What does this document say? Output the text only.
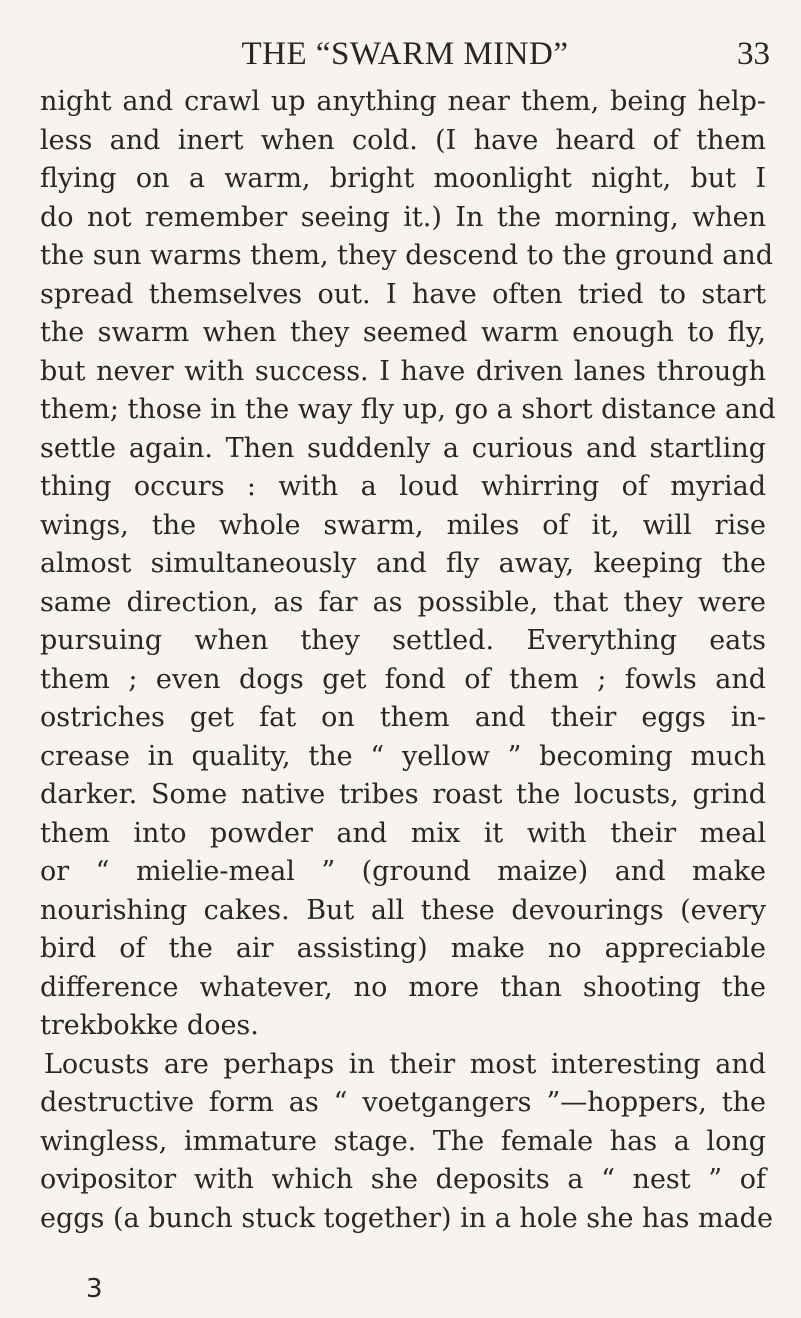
THE “SWARM MIND”	33
night and crawl up anything near them, being help-
less and inert when cold. (I have heard of them
flying on a warm, bright moonlight night, but I
do not remember seeing it.) In the morning, when
the sun warms them, they descend to the ground and
spread themselves out. I have often tried to start
the swarm when they seemed warm enough to fly,
but never with success. I have driven lanes through
them; those in the way fly up, go a short distance and
settle again. Then suddenly a curious and startling
thing occurs : with a loud whirring of myriad
wings, the whole swarm, miles of it, will rise
almost simultaneously and fly away, keeping the
same direction, as far as possible, that they were
pursuing when they settled. Everything eats
them ; even dogs get fond of them ; fowls and
ostriches get fat on them and their eggs in-
crease in quality, the “ yellow ” becoming much
darker. Some native tribes roast the locusts, grind
them into powder and mix it with their meal
or “ mielie-meal ” (ground maize) and make
nourishing cakes. But all these devourings (every
bird of the air assisting) make no appreciable
difference whatever, no more than shooting the
trekbokke does.
Locusts are perhaps in their most interesting and
destructive form as “ voetgangers ”—hoppers, the
wingless, immature stage. The female has a long
ovipositor with which she deposits a “ nest ” of
eggs (a bunch stuck together) in a hole she has made
3
